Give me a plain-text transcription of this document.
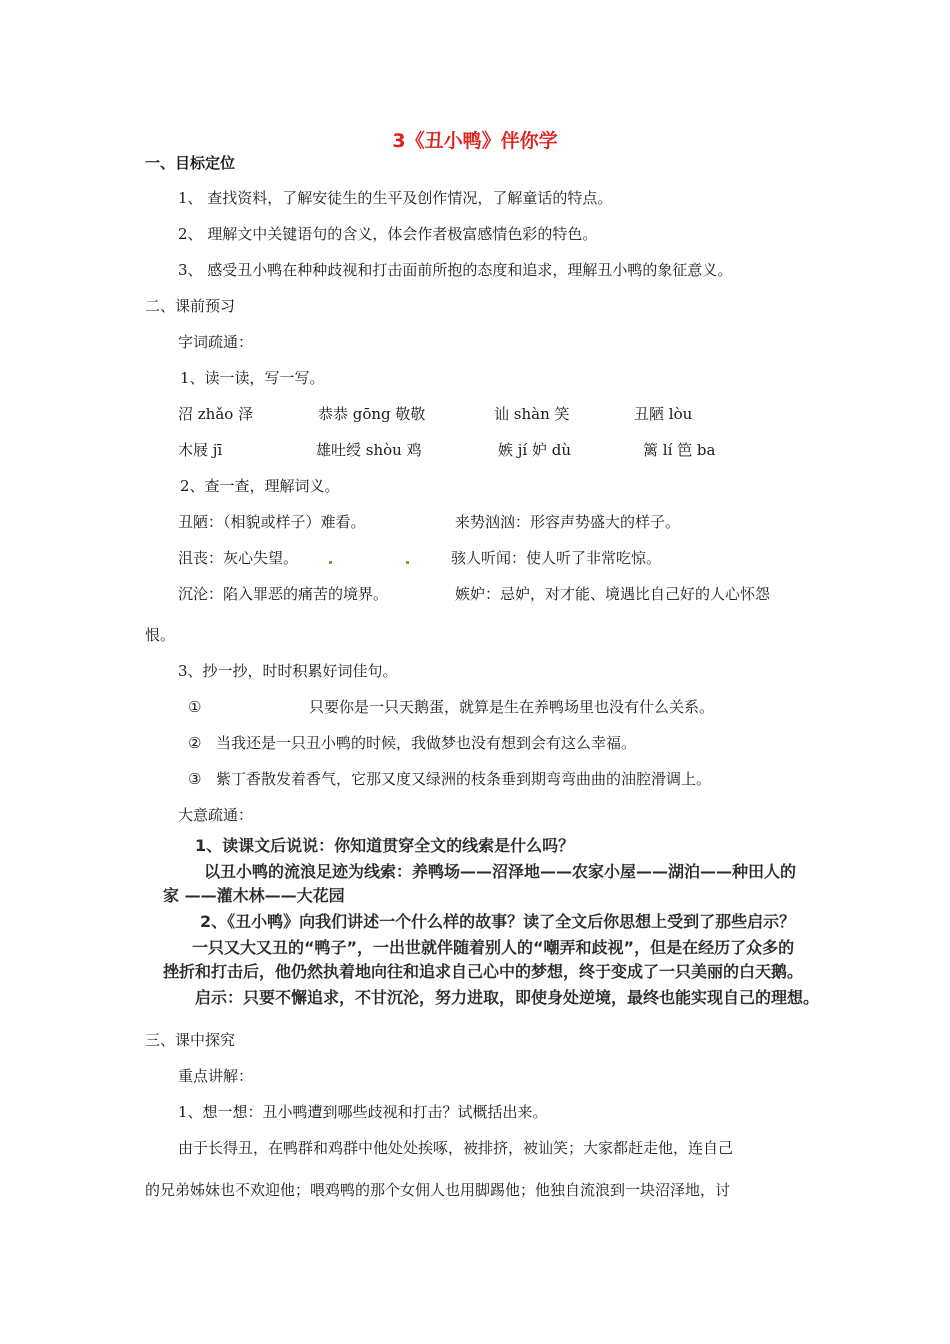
3《丑小鸭》伴你学
一、目标定位
1、 查找资料，了解安徒生的生平及创作情况，了解童话的特点。
2、 理解文中关键语句的含义，体会作者极富感情色彩的特色。
3、 感受丑小鸭在种种歧视和打击面前所抱的态度和追求，理解丑小鸭的象征意义。
二、课前预习
字词疏通：
1、读一读，写一写。
沼 zhǎo 泽	恭恭 gōng 敬敬	讪 shàn 笑	丑陋 lòu
木屐 jī	雄吐绶 shòu 鸡	嫉 jí 妒 dù	篱 lí 笆 ba
2、查一查，理解词义。
丑陋：（相貌或样子）难看。	来势汹汹：形容声势盛大的样子。
沮丧：灰心失望。	骇人听闻：使人听了非常吃惊。
沉沦：陷入罪恶的痛苦的境界。	嫉妒：忌妒，对才能、境遇比自己好的人心怀怨
恨。
3、抄一抄，时时积累好词佳句。
①	只要你是一只天鹅蛋，就算是生在养鸭场里也没有什么关系。
② 当我还是一只丑小鸭的时候，我做梦也没有想到会有这么幸福。
③ 紫丁香散发着香气，它那又度又绿洲的枝条垂到期弯弯曲曲的油腔滑调上。
大意疏通：
1、读课文后说说：你知道贯穿全文的线索是什么吗？
以丑小鸭的流浪足迹为线索：养鸭场——沼泽地——农家小屋——湖泊——种田人的
家 ——灌木林——大花园
2、《丑小鸭》向我们讲述一个什么样的故事？读了全文后你思想上受到了那些启示？
一只又大又丑的“鸭子”，一出世就伴随着别人的“嘲弄和歧视”，但是在经历了众多的
挫折和打击后，他仍然执着地向往和追求自己心中的梦想，终于变成了一只美丽的白天鹅。
启示：只要不懈追求，不甘沉沦，努力进取，即使身处逆境，最终也能实现自己的理想。
三、课中探究
重点讲解：
1、想一想：丑小鸭遭到哪些歧视和打击？试概括出来。
由于长得丑，在鸭群和鸡群中他处处挨啄，被排挤，被讪笑；大家都赶走他，连自己
的兄弟姊妹也不欢迎他；喂鸡鸭的那个女佣人也用脚踢他；他独自流浪到一块沼泽地，讨
